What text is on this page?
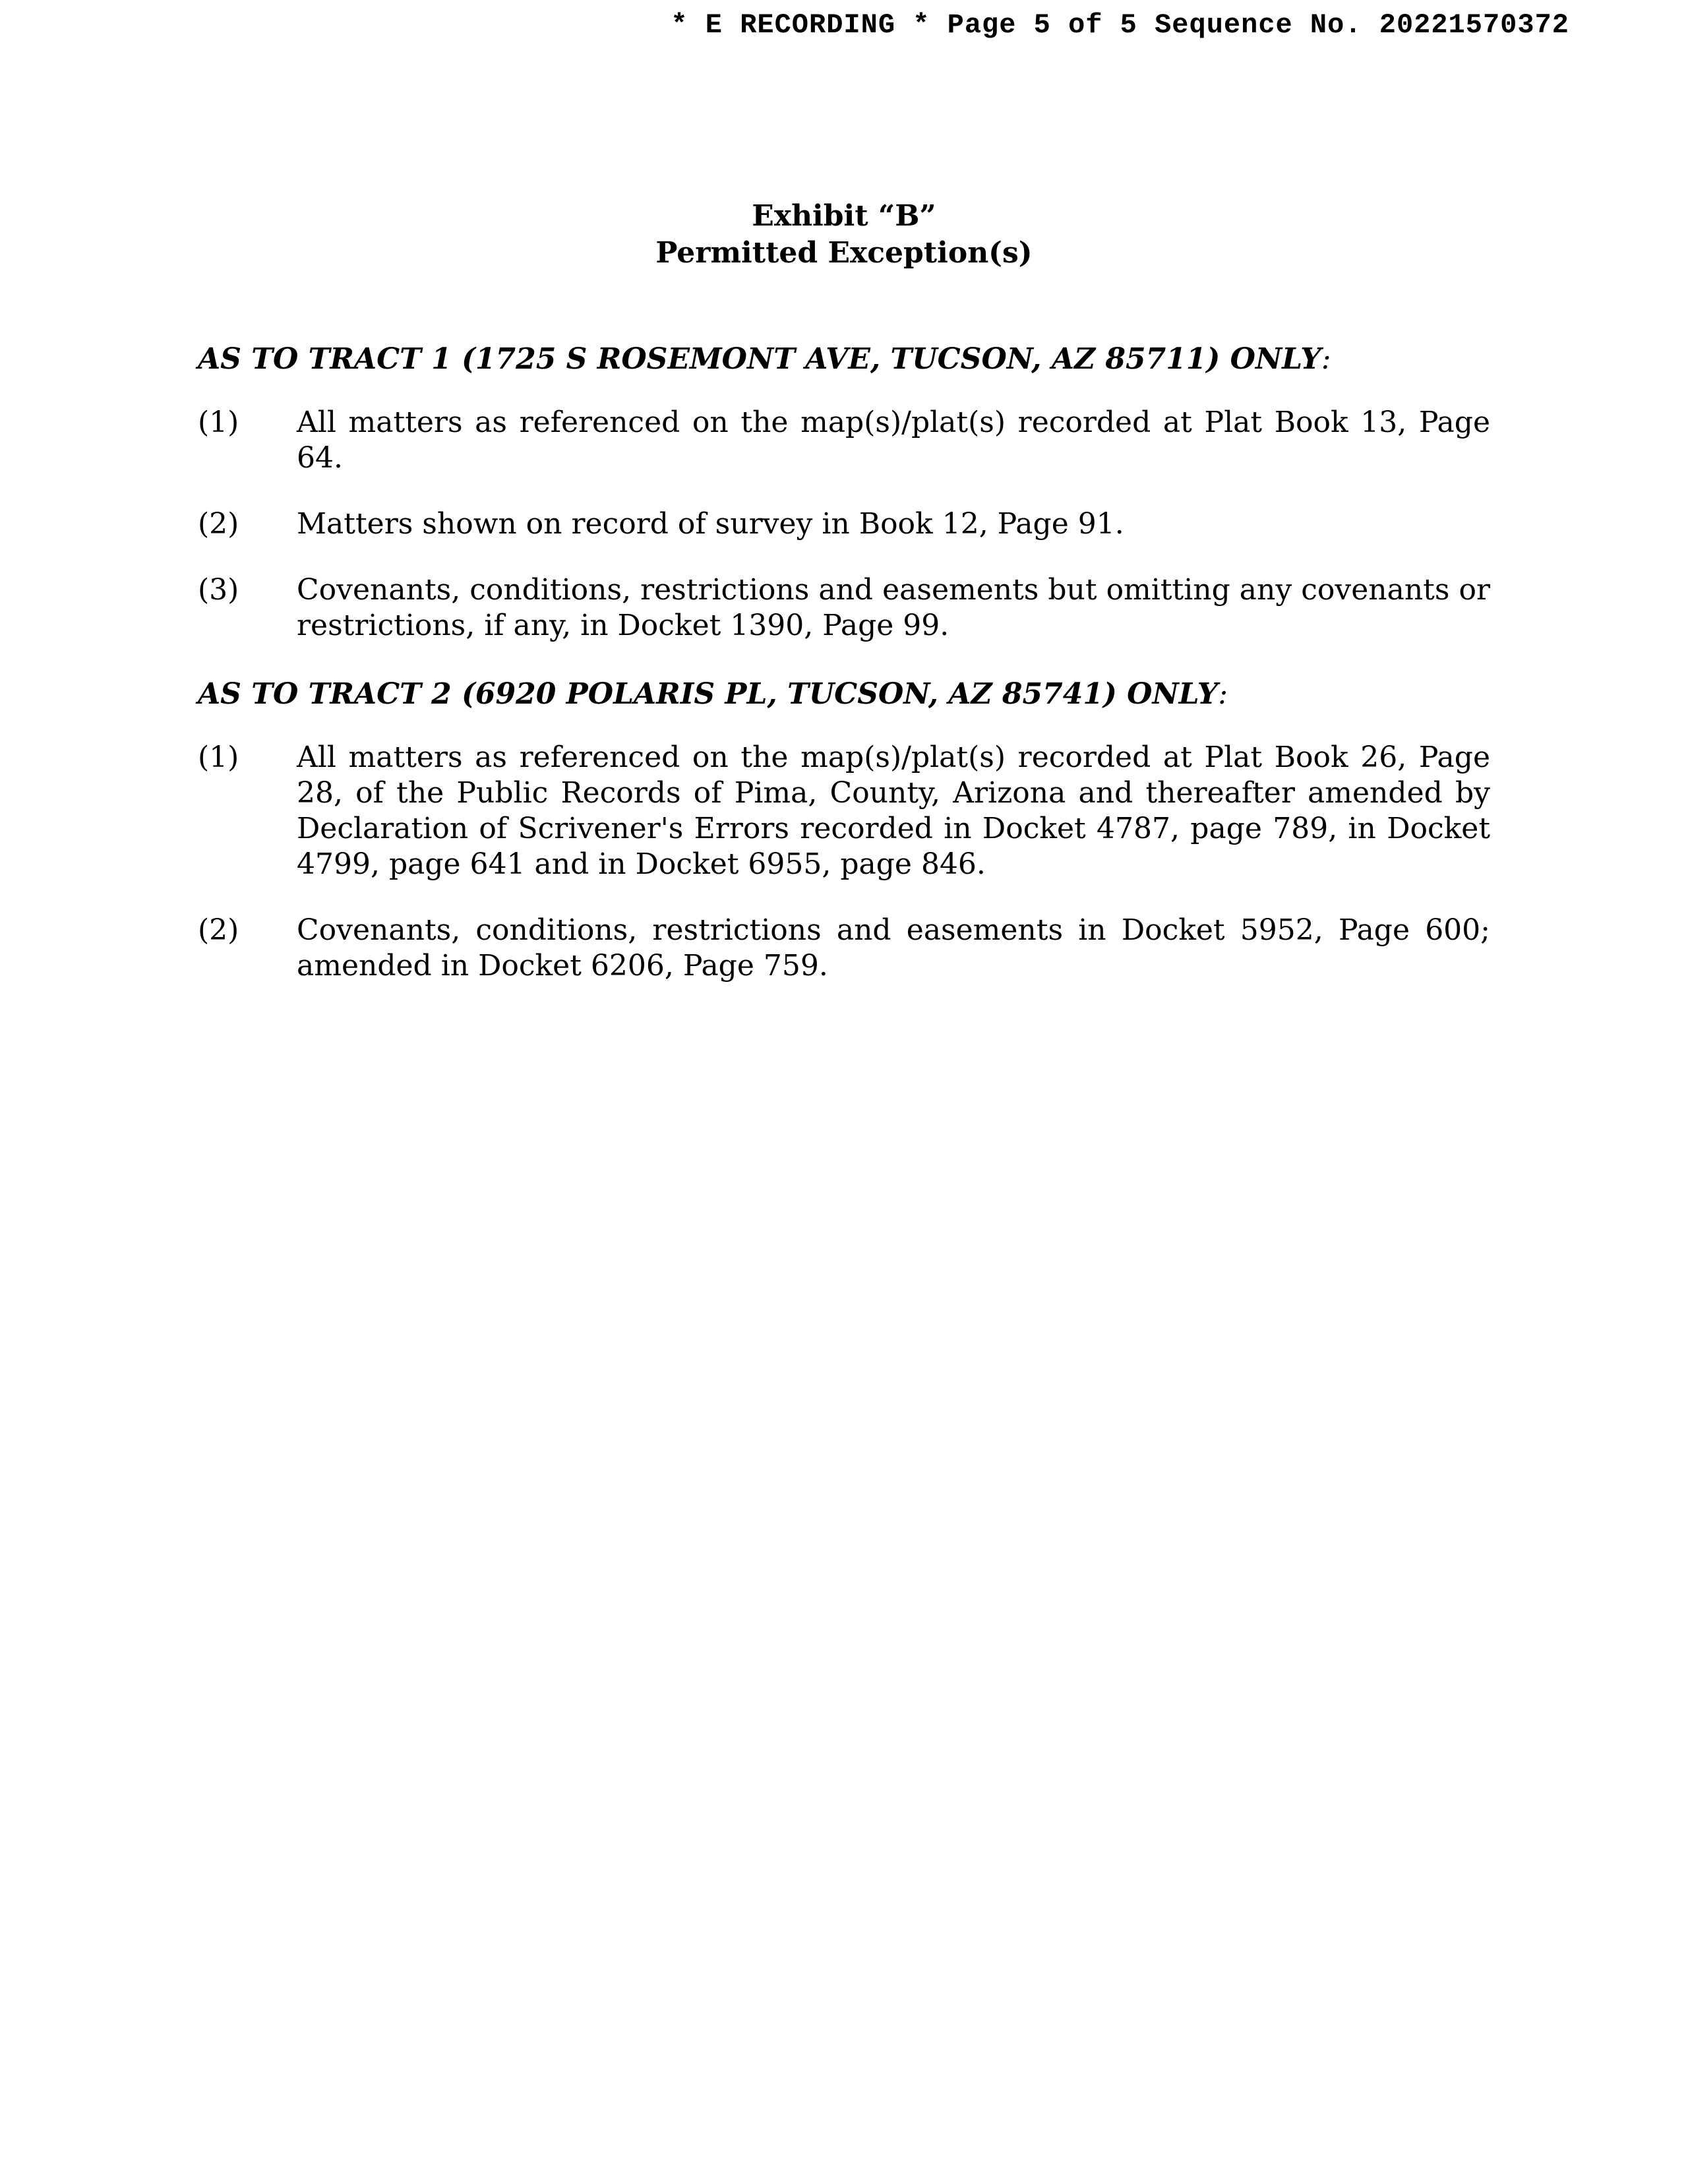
* E RECORDING * Page 5 of 5 Sequence No. 20221570372
Exhibit “B”
Permitted Exception(s)

AS TO TRACT 1 (1725 S ROSEMONT AVE, TUCSON, AZ 85711) ONLY:

(1)	All matters as referenced on the map(s)/plat(s) recorded at Plat Book 13, Page 64.
(2)	Matters shown on record of survey in Book 12, Page 91.
(3)	Covenants, conditions, restrictions and easements but omitting any covenants or restrictions, if any, in Docket 1390, Page 99.

AS TO TRACT 2 (6920 POLARIS PL, TUCSON, AZ 85741) ONLY:

(1)	All matters as referenced on the map(s)/plat(s) recorded at Plat Book 26, Page 28, of the Public Records of Pima, County, Arizona and thereafter amended by Declaration of Scrivener's Errors recorded in Docket 4787, page 789, in Docket 4799, page 641 and in Docket 6955, page 846.
(2)	Covenants, conditions, restrictions and easements in Docket 5952, Page 600; amended in Docket 6206, Page 759.
